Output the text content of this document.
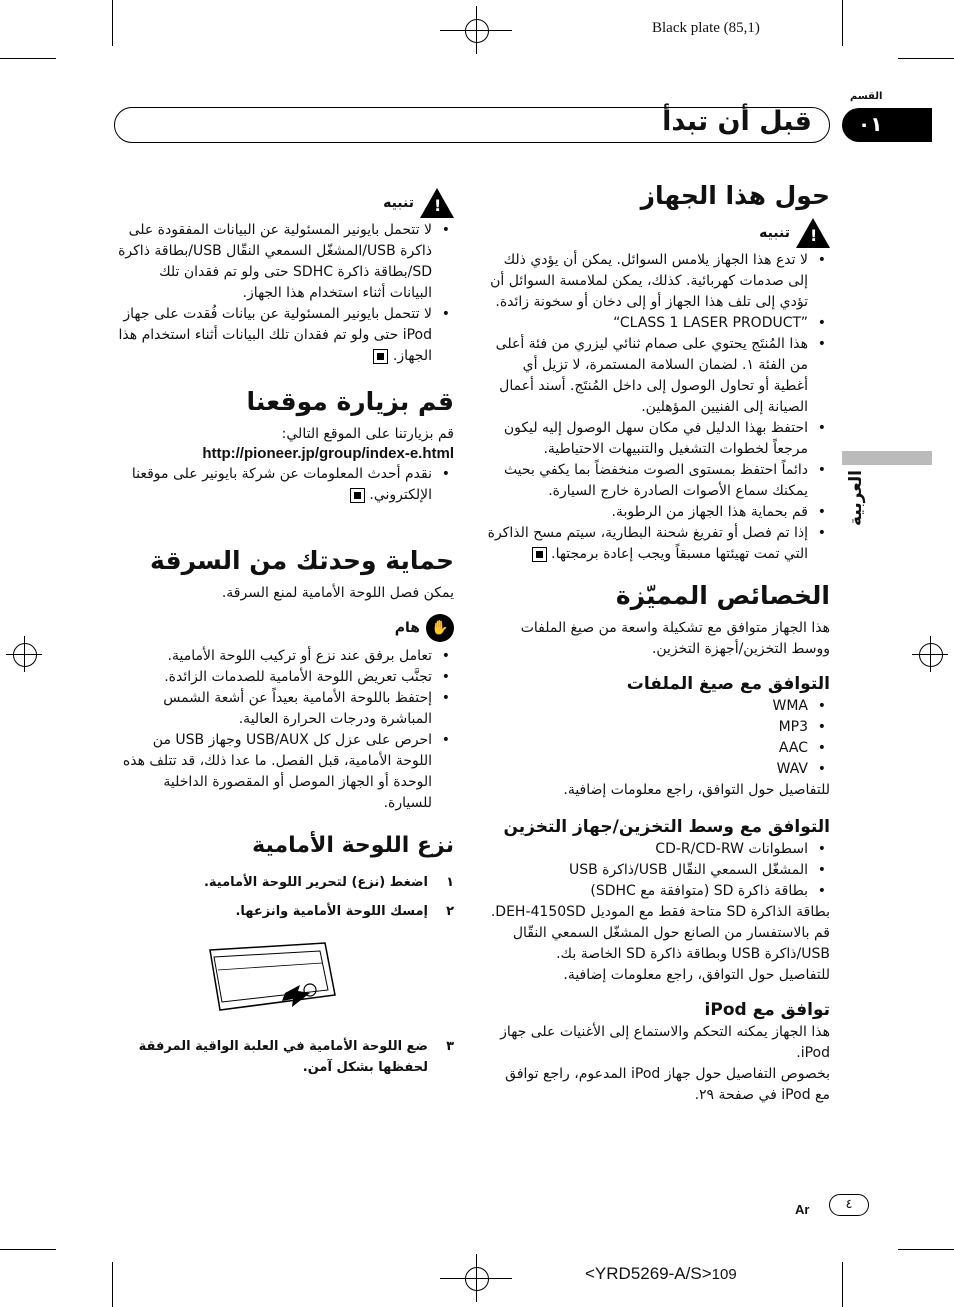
Black plate (85,1)
القسم
قبل أن تبدأ ٠١
العربية
حول هذا الجهاز
!
تنبيه
• لا تدع هذا الجهاز يلامس السوائل. يمكن أن يؤدي ذلك إلى صدمات كهربائية. كذلك، يمكن لملامسة السوائل أن تؤدي إلى تلف هذا الجهاز أو إلى دخان أو سخونة زائدة.
• “CLASS 1 LASER PRODUCT”
• هذا المُنتَج يحتوي على صمام ثنائي ليزري من فئة أعلى من الفئة ١. لضمان السلامة المستمرة، لا تزيل أي أغطية أو تحاول الوصول إلى داخل المُنتَج. أسند أعمال الصيانة إلى الفنيين المؤهلين.
• احتفظ بهذا الدليل في مكان سهل الوصول إليه ليكون مرجعاً لخطوات التشغيل والتنبيهات الاحتياطية.
• دائماً احتفظ بمستوى الصوت منخفضاً بما يكفي بحيث يمكنك سماع الأصوات الصادرة خارج السيارة.
• قم بحماية هذا الجهاز من الرطوبة.
• إذا تم فصل أو تفريغ شحنة البطارية، سيتم مسح الذاكرة التي تمت تهيئتها مسبقاً ويجب إعادة برمجتها.
الخصائص المميّزة

هذا الجهاز متوافق مع تشكيلة واسعة من صيغ الملفات ووسط التخزين/أجهزة التخزين.

التوافق مع صيغ الملفات
• WMA
• MP3
• AAC
• WAV

للتفاصيل حول التوافق، راجع معلومات إضافية.

التوافق مع وسط التخزين/جهاز التخزين
• اسطوانات CD-R/CD-RW
• المشغّل السمعي النقّال USB/ذاكرة USB
• بطاقة ذاكرة SD (متوافقة مع SDHC)

بطاقة الذاكرة SD متاحة فقط مع الموديل DEH-4150SD. قم بالاستفسار من الصانع حول المشغّل السمعي النقّال USB/ذاكرة USB وبطاقة ذاكرة SD الخاصة بك.

للتفاصيل حول التوافق، راجع معلومات إضافية.

توافق مع iPod

هذا الجهاز يمكنه التحكم والاستماع إلى الأغنيات على جهاز iPod.

بخصوص التفاصيل حول جهاز iPod المدعوم، راجع توافق مع iPod في صفحة ٢٩.

!
تنبيه
• لا تتحمل بايونير المسئولية عن البيانات المفقودة على ذاكرة USB/المشغّل السمعي النقّال USB/بطاقة ذاكرة SD/بطاقة ذاكرة SDHC حتى ولو تم فقدان تلك البيانات أثناء استخدام هذا الجهاز.
• لا تتحمل بايونير المسئولية عن بيانات فُقدت على جهاز iPod حتى ولو تم فقدان تلك البيانات أثناء استخدام هذا الجهاز.
قم بزيارة موقعنا

قم بزيارتنا على الموقع التالي:

http://pioneer.jp/group/index-e.html
• نقدم أحدث المعلومات عن شركة بايونير على موقعنا الإلكتروني.
حماية وحدتك من السرقة

يمكن فصل اللوحة الأمامية لمنع السرقة.

✋
هام
• تعامل برفق عند نزع أو تركيب اللوحة الأمامية.
• تجنَّب تعريض اللوحة الأمامية للصدمات الزائدة.
• إحتفظ باللوحة الأمامية بعيداً عن أشعة الشمس المباشرة ودرجات الحرارة العالية.
• احرص على عزل كل USB/AUX وجهاز USB من اللوحة الأمامية، قبل الفصل. ما عدا ذلك، قد تتلف هذه الوحدة أو الجهاز الموصل أو المقصورة الداخلية للسيارة.
نزع اللوحة الأمامية
١
اضغط (نزع) لتحرير اللوحة الأمامية.
٢
إمسك اللوحة الأمامية وانزعها.
٣
ضع اللوحة الأمامية في العلبة الواقية المرفقة لحفظها بشكل آمن.
٤
Ar
<YRD5269-A/S>109
